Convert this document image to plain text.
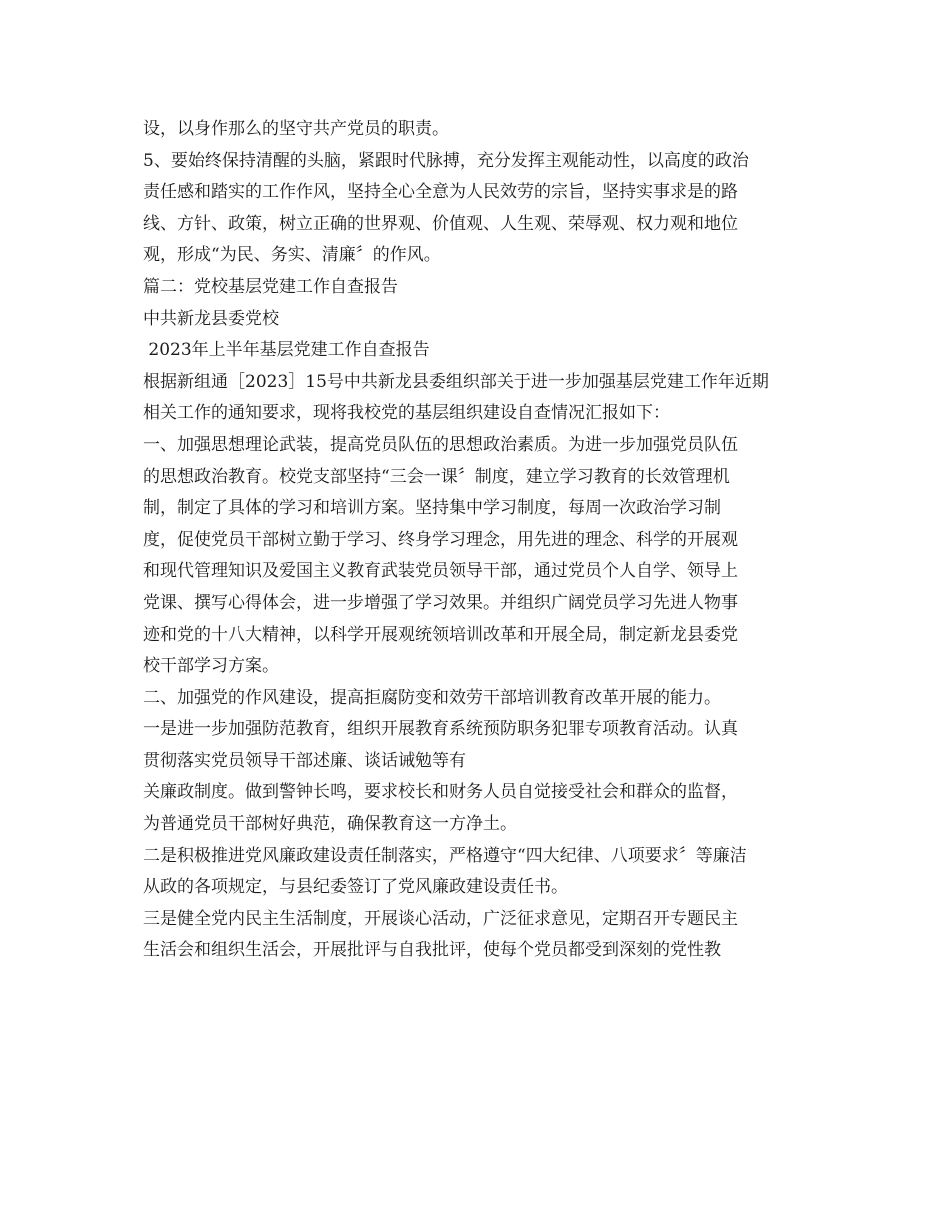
设，以身作那么的坚守共产党员的职责。
5、要始终保持清醒的头脑，紧跟时代脉搏，充分发挥主观能动性，以高度的政治
责任感和踏实的工作作风，坚持全心全意为人民效劳的宗旨，坚持实事求是的路
线、方针、政策，树立正确的世界观、价值观、人生观、荣辱观、权力观和地位
观，形成“为民、务实、清廉〞的作风。
篇二：党校基层党建工作自查报告
中共新龙县委党校
2023年上半年基层党建工作自查报告
根据新组通［2023］15号中共新龙县委组织部关于进一步加强基层党建工作年近期
相关工作的通知要求，现将我校党的基层组织建设自查情况汇报如下：
一、加强思想理论武装，提高党员队伍的思想政治素质。为进一步加强党员队伍
的思想政治教育。校党支部坚持“三会一课〞制度，建立学习教育的长效管理机
制，制定了具体的学习和培训方案。坚持集中学习制度，每周一次政治学习制
度，促使党员干部树立勤于学习、终身学习理念，用先进的理念、科学的开展观
和现代管理知识及爱国主义教育武装党员领导干部，通过党员个人自学、领导上
党课、撰写心得体会，进一步增强了学习效果。并组织广阔党员学习先进人物事
迹和党的十八大精神，以科学开展观统领培训改革和开展全局，制定新龙县委党
校干部学习方案。
二、加强党的作风建设，提高拒腐防变和效劳干部培训教育改革开展的能力。
一是进一步加强防范教育，组织开展教育系统预防职务犯罪专项教育活动。认真
贯彻落实党员领导干部述廉、谈话诫勉等有
关廉政制度。做到警钟长鸣，要求校长和财务人员自觉接受社会和群众的监督，
为普通党员干部树好典范，确保教育这一方净土。
二是积极推进党风廉政建设责任制落实，严格遵守“四大纪律、八项要求〞等廉洁
从政的各项规定，与县纪委签订了党风廉政建设责任书。
三是健全党内民主生活制度，开展谈心活动，广泛征求意见，定期召开专题民主
生活会和组织生活会，开展批评与自我批评，使每个党员都受到深刻的党性教
